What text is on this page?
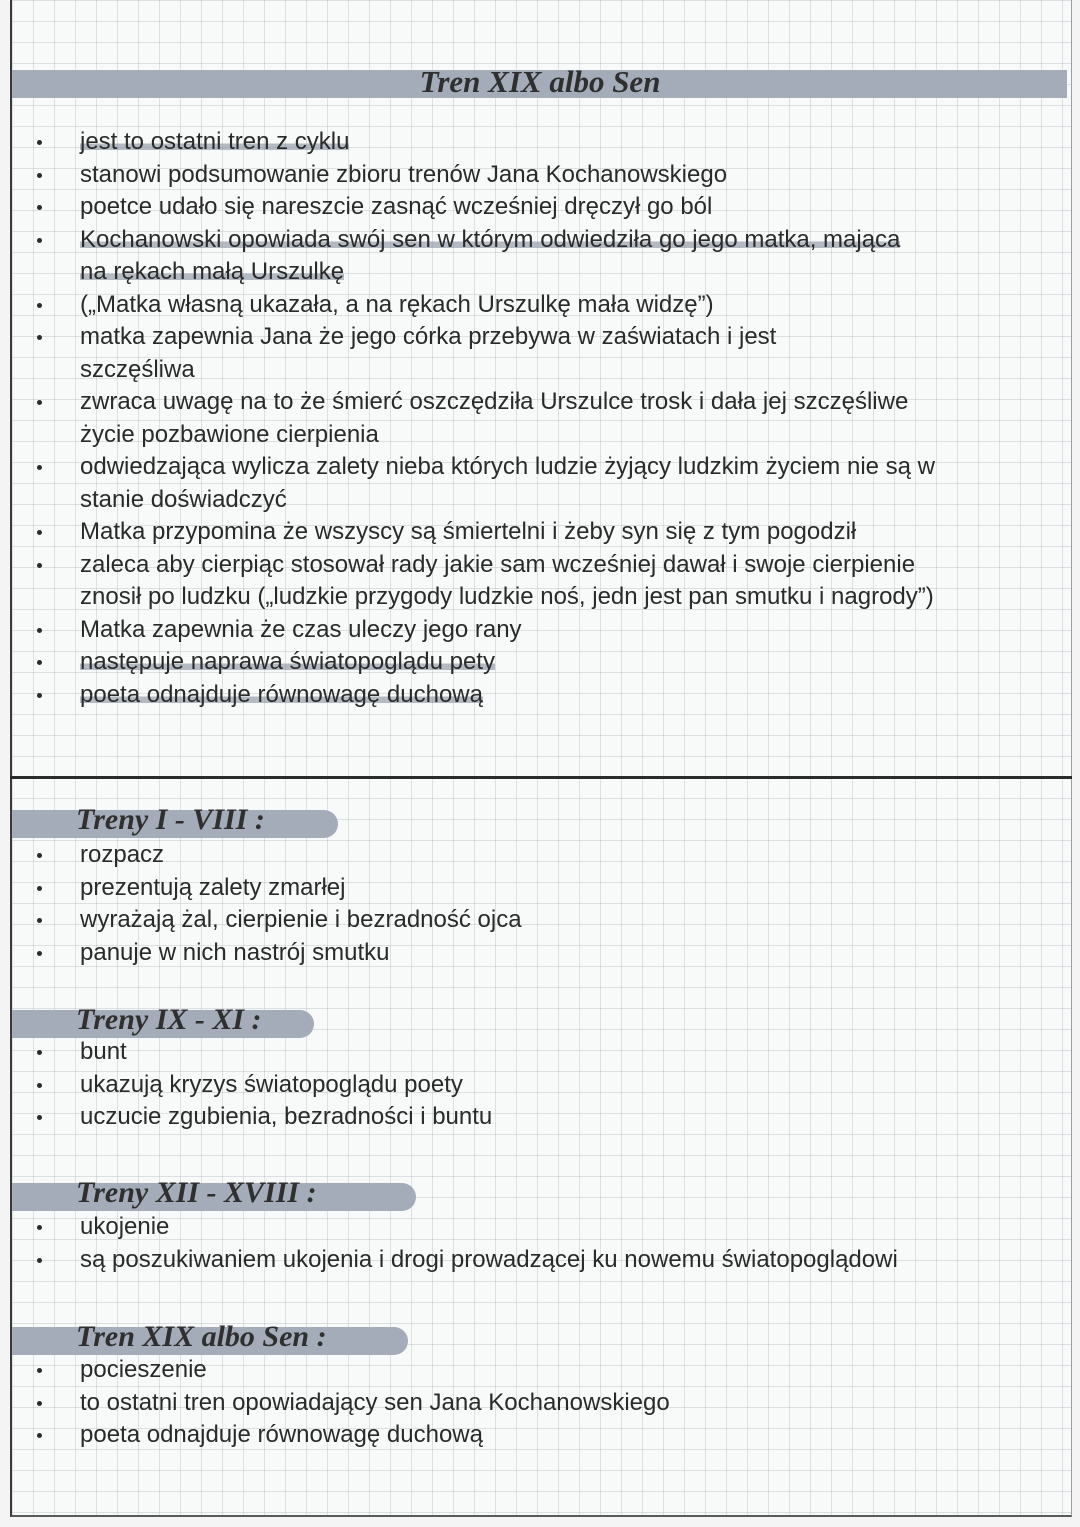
Tren XIX albo Sen
jest to ostatni tren z cyklu
stanowi podsumowanie zbioru trenów Jana Kochanowskiego
poetce udało się nareszcie zasnąć wcześniej dręczył go ból
Kochanowski opowiada swój sen w którym odwiedziła go jego matka, mająca na rękach małą Urszulkę
(„Matka własną ukazała, a na rękach Urszulkę mała widzę”)
matka zapewnia Jana że jego córka przebywa w zaświatach i jest szczęśliwa
zwraca uwagę na to że śmierć oszczędziła Urszulce trosk i dała jej szczęśliwe życie pozbawione cierpienia
odwiedzająca wylicza zalety nieba których ludzie żyjący ludzkim życiem nie są w stanie doświadczyć
Matka przypomina że wszyscy są śmiertelni i żeby syn się z tym pogodził
zaleca aby cierpiąc stosował rady jakie sam wcześniej dawał i swoje cierpienie znosił po ludzku („ludzkie przygody ludzkie noś, jedn jest pan smutku i nagrody”)
Matka zapewnia że czas uleczy jego rany
następuje naprawa światopoglądu pety
poeta odnajduje równowagę duchową
Treny I - VIII :
rozpacz
prezentują zalety zmarłej
wyrażają żal, cierpienie i bezradność ojca
panuje w nich nastrój smutku
Treny IX - XI :
bunt
ukazują kryzys światopoglądu poety
uczucie zgubienia, bezradności i buntu
Treny XII - XVIII :
ukojenie
są poszukiwaniem ukojenia i drogi prowadzącej ku nowemu światopoglądowi
Tren XIX albo Sen :
pocieszenie
to ostatni tren opowiadający sen Jana Kochanowskiego
poeta odnajduje równowagę duchową
